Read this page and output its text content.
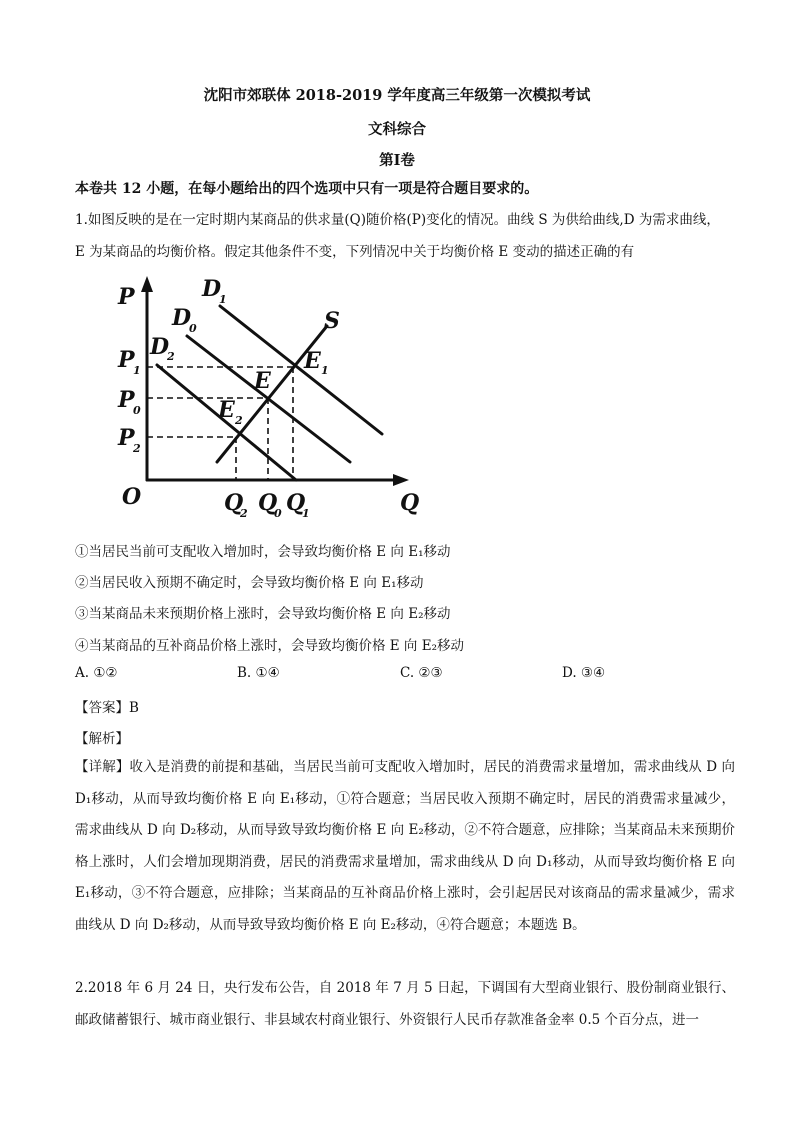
沈阳市郊联体 2018-2019 学年度高三年级第一次模拟考试
文科综合
第Ⅰ卷
本卷共 12 小题，在每小题给出的四个选项中只有一项是符合题目要求的。
1.如图反映的是在一定时期内某商品的供求量(Q)随价格(P)变化的情况。曲线 S 为供给曲线,D 为需求曲线，
E 为某商品的均衡价格。假定其他条件不变，下列情况中关于均衡价格 E 变动的描述正确的有
P
Q
O
P
1
P
0
P
2
Q
2 Q
0 Q
1
D
1
D
0
D
2
S
E 1
E
E 2
①当居民当前可支配收入增加时，会导致均衡价格 E 向 E₁移动
②当居民收入预期不确定时，会导致均衡价格 E 向 E₁移动
③当某商品未来预期价格上涨时，会导致均衡价格 E 向 E₂移动
④当某商品的互补商品价格上涨时，会导致均衡价格 E 向 E₂移动
A. ①②	B. ①④	C. ②③	D. ③④
【答案】B
【解析】
【详解】收入是消费的前提和基础，当居民当前可支配收入增加时，居民的消费需求量增加，需求曲线从 D 向 D₁移动，从而导致均衡价格 E 向 E₁移动，①符合题意；当居民收入预期不确定时，居民的消费需求量减少，需求曲线从 D 向 D₂移动，从而导致导致均衡价格 E 向 E₂移动，②不符合题意，应排除；当某商品未来预期价格上涨时，人们会增加现期消费，居民的消费需求量增加，需求曲线从 D 向 D₁移动，从而导致均衡价格 E 向 E₁移动，③不符合题意，应排除；当某商品的互补商品价格上涨时，会引起居民对该商品的需求量减少，需求曲线从 D 向 D₂移动，从而导致导致均衡价格 E 向 E₂移动，④符合题意；本题选 B。
2.2018 年 6 月 24 日，央行发布公告，自 2018 年 7 月 5 日起，下调国有大型商业银行、股份制商业银行、邮政储蓄银行、城市商业银行、非县域农村商业银行、外资银行人民币存款准备金率 0.5 个百分点，进一
